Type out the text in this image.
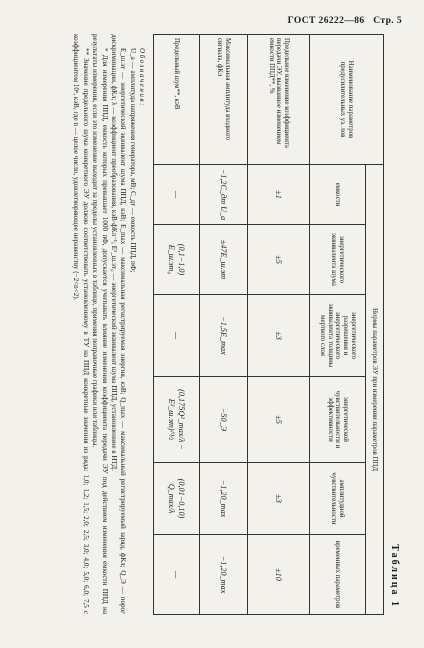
ГОСТ 26222—86 Стр. 5
Таблица 1
Наименование параметров предусилительных уз. лов	Нормы параметров ЭУ при измерении параметров ППД					
	емкости	энергетического эквивалента шума	энергетического разрешения и энергетического эквивалента толщины мертвого слоя	энергетической чувствительности и эффективности	амплитудной чувствительности	временных параметров
Предельное изменение коэффициента передачи ЭУ, вызванное изменением емкости ППД**, %	±1	±5	±3	±5	±3	±10
Максимальная амплитуда входного сигнала, фКл	−1,2C_дт U_а	±47E_ш.эт	−1,5E_max	−50_Э	−1,20_max	−1,20_max
Предельный шум**, кэВ	—	(0,1−1,0) E_ш.эт₀	—	(0,175Q²_max/λ − E²_ш.эт)^½	(0,01−0,10) Q_max/λ	—

Обозначения:

U_а — амплитуда напряжения генератора, мВ; C_дт — емкость ППД, пФ;

E_ш.эт — энергетический эквивалент шума ППД, кэВ; E_max — максимальная регистрируемая энергия, кэВ; Q_max — максимальный регистрируемый заряд, фКл; Q_Э — порог дискриминации, фКл; λ — коэффициент преобразования, кэВ·фКл⁻¹; E²_ш.эт₀ — энергетический эквивалент шума ППД, установленное в НТД.

* Для измерения ППД, емкость которых превышает 1000 пФ, допускается учитывать влияние изменения коэффициента передачи ЭУ под действием изменения емкости ППД на результаты измерения, если это изменение выходит за пределы установленных в таблице, применяя поправочные графики или таблицы.

** Значение предельного шума конкретного ЭУ должно соответствовать установленному в ТУ на ППД конкретные значения из ряда: 1,0; 1,2; 1,5; 2,0; 2,5; 3,0; 4,0; 5,0; 6,0; 7,5 с коэффициентом 10ⁿ, кэВ, где n — целое число, удовлетворяющее неравенству (−2<n<2).
